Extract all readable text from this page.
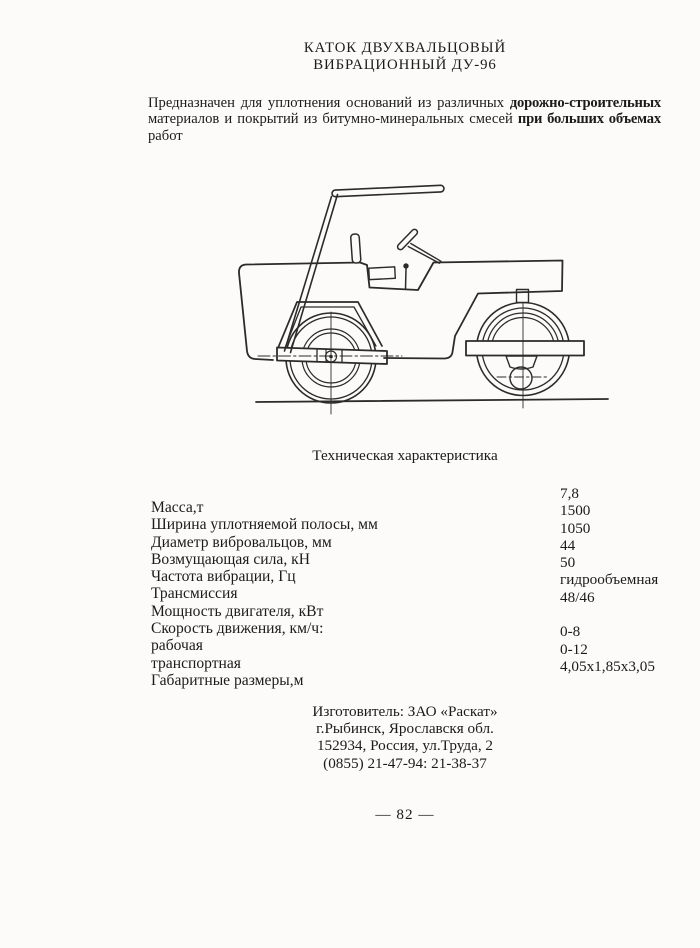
КАТОК ДВУХВАЛЬЦОВЫЙ
ВИБРАЦИОННЫЙ ДУ-96
Предназначен для уплотнения оснований из различных дорожно-строительных
материалов и покрытий из битумно-минеральных смесей при больших объемах
работ
Техническая характеристика
Масса,т
Ширина уплотняемой полосы, мм
Диаметр вибровальцов, мм
Возмущающая сила, кН
Частота вибрации, Гц
Трансмиссия
Мощность двигателя, кВт
Скорость движения, км/ч:
рабочая
транспортная
Габаритные размеры,м
7,8
1500
1050
44
50
гидрообъемная
48/46
0-8
0-12
4,05х1,85х3,05
Изготовитель: ЗАО «Раскат»
г.Рыбинск, Ярославскя обл.
152934, Россия, ул.Труда, 2
(0855) 21-47-94: 21-38-37
— 82 —
